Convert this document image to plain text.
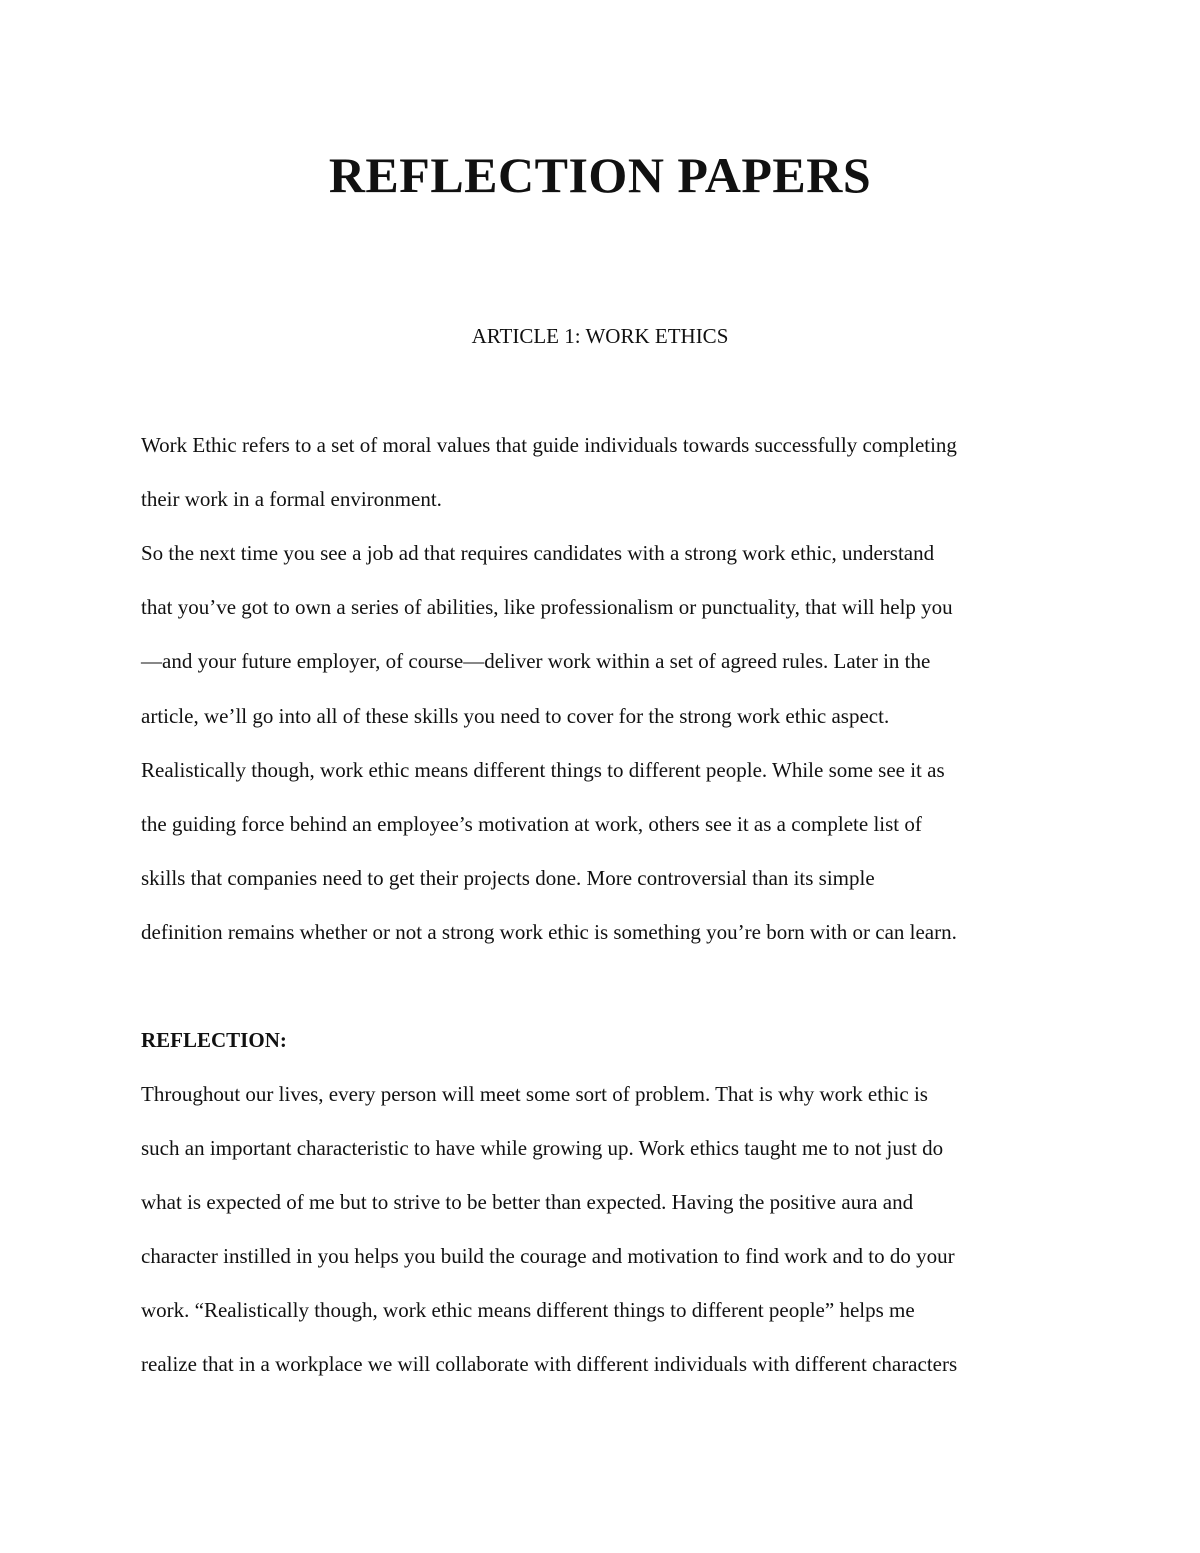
REFLECTION PAPERS

ARTICLE 1: WORK ETHICS

Work Ethic refers to a set of moral values that guide individuals towards successfully completing

their work in a formal environment.

So the next time you see a job ad that requires candidates with a strong work ethic, understand

that you’ve got to own a series of abilities, like professionalism or punctuality, that will help you

—and your future employer, of course—deliver work within a set of agreed rules. Later in the

article, we’ll go into all of these skills you need to cover for the strong work ethic aspect.

Realistically though, work ethic means different things to different people. While some see it as

the guiding force behind an employee’s motivation at work, others see it as a complete list of

skills that companies need to get their projects done. More controversial than its simple

definition remains whether or not a strong work ethic is something you’re born with or can learn.

REFLECTION:

Throughout our lives, every person will meet some sort of problem. That is why work ethic is

such an important characteristic to have while growing up. Work ethics taught me to not just do

what is expected of me but to strive to be better than expected. Having the positive aura and

character instilled in you helps you build the courage and motivation to find work and to do your

work. “Realistically though, work ethic means different things to different people” helps me

realize that in a workplace we will collaborate with different individuals with different characters
